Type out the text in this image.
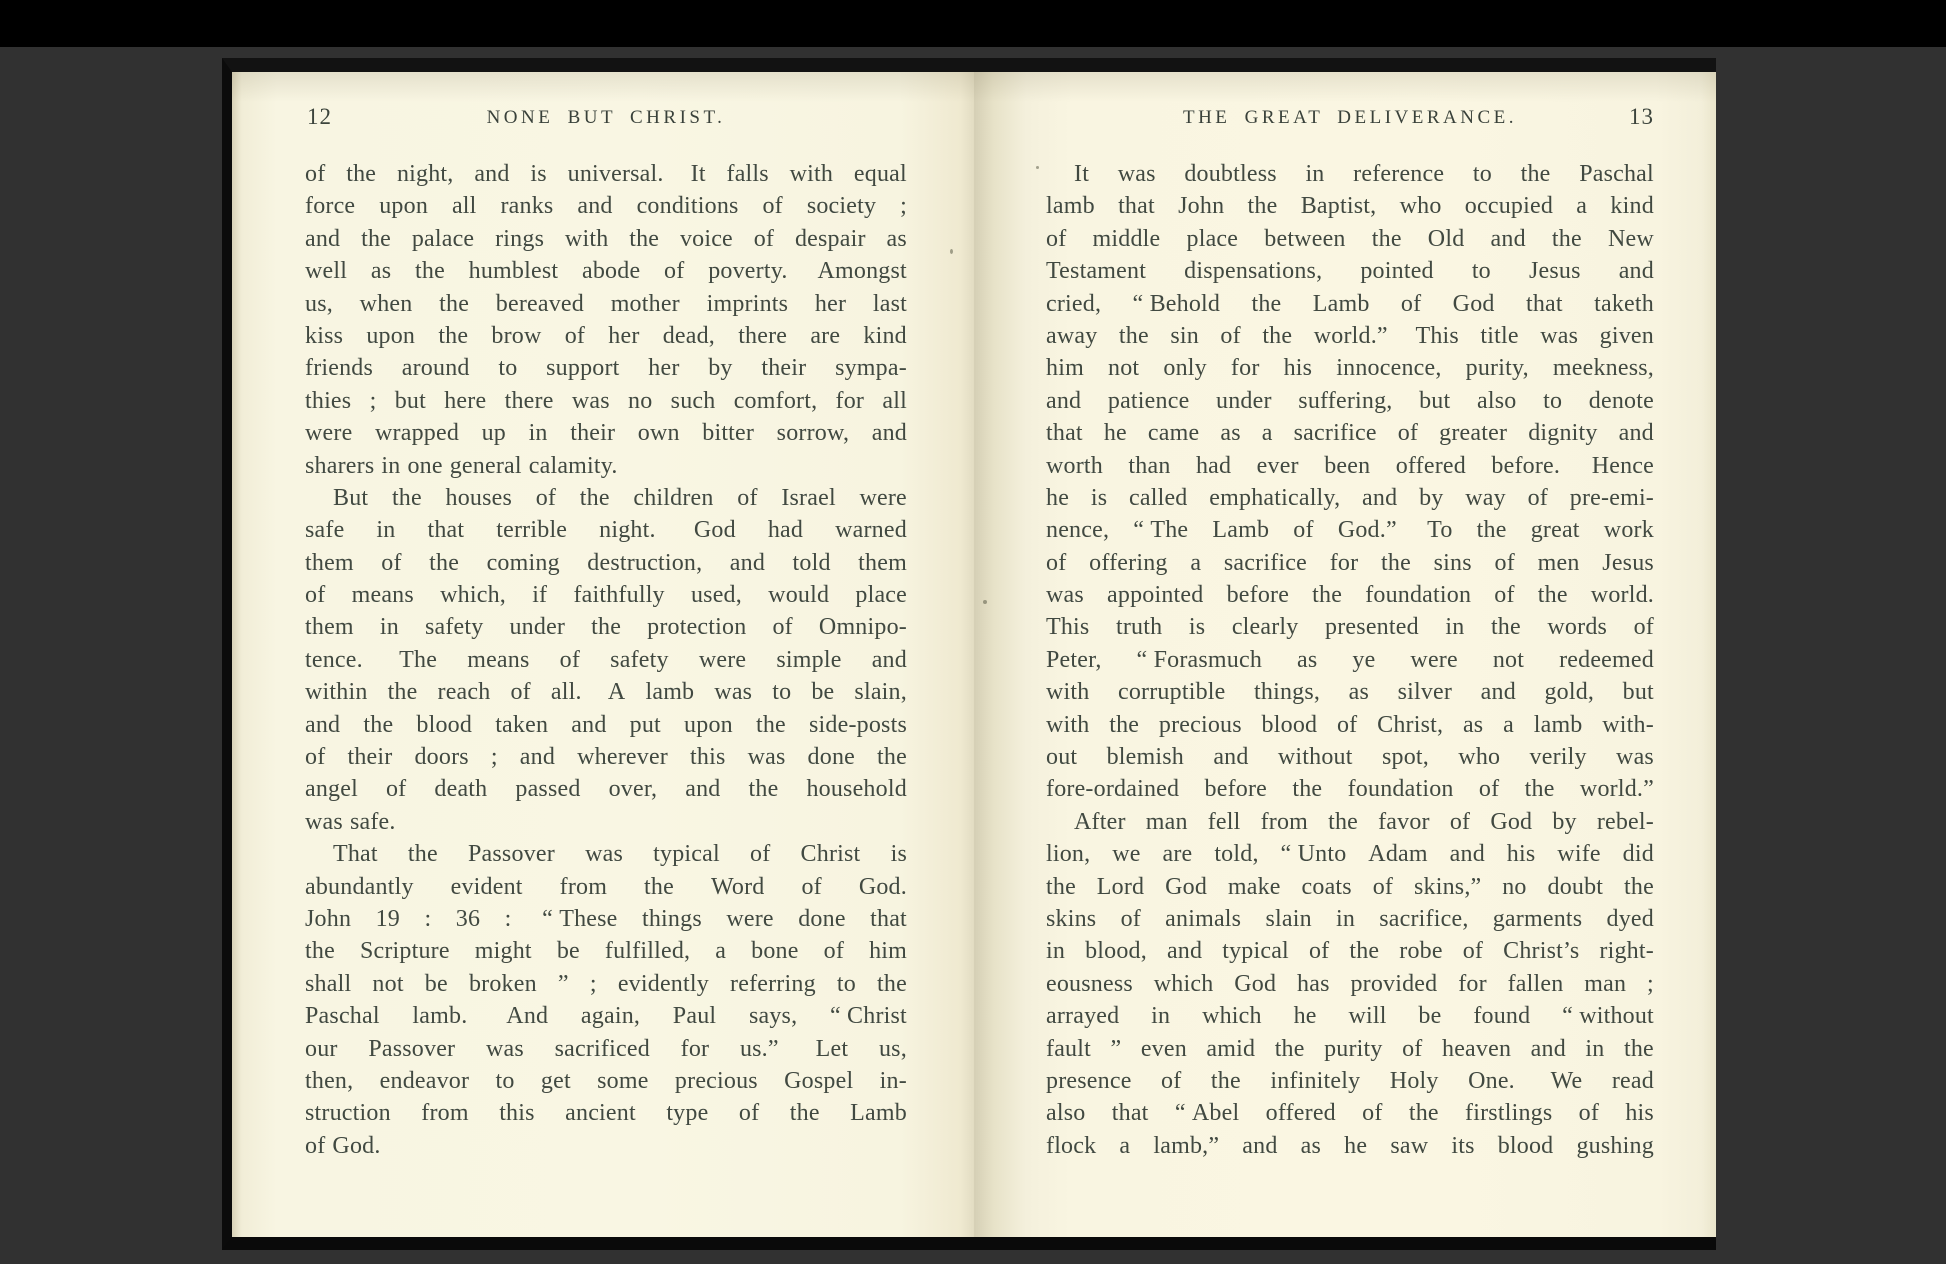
12	NONE BUT CHRIST.
of the night, and is universal. It falls with equal
force upon all ranks and conditions of society ;
and the palace rings with the voice of despair as
well as the humblest abode of poverty. Amongst
us, when the bereaved mother imprints her last
kiss upon the brow of her dead, there are kind
friends around to support her by their sympa-
thies ; but here there was no such comfort, for all
were wrapped up in their own bitter sorrow, and
sharers in one general calamity.
But the houses of the children of Israel were
safe in that terrible night. God had warned
them of the coming destruction, and told them
of means which, if faithfully used, would place
them in safety under the protection of Omnipo-
tence. The means of safety were simple and
within the reach of all. A lamb was to be slain,
and the blood taken and put upon the side-posts
of their doors ; and wherever this was done the
angel of death passed over, and the household
was safe.
That the Passover was typical of Christ is
abundantly evident from the Word of God.
John 19 : 36 : “ These things were done that
the Scripture might be fulfilled, a bone of him
shall not be broken ” ; evidently referring to the
Paschal lamb. And again, Paul says, “ Christ
our Passover was sacrificed for us.” Let us,
then, endeavor to get some precious Gospel in-
struction from this ancient type of the Lamb
of God.
THE GREAT DELIVERANCE.	13
It was doubtless in reference to the Paschal
lamb that John the Baptist, who occupied a kind
of middle place between the Old and the New
Testament dispensations, pointed to Jesus and
cried, “ Behold the Lamb of God that taketh
away the sin of the world.” This title was given
him not only for his innocence, purity, meekness,
and patience under suffering, but also to denote
that he came as a sacrifice of greater dignity and
worth than had ever been offered before. Hence
he is called emphatically, and by way of pre-emi-
nence, “ The Lamb of God.” To the great work
of offering a sacrifice for the sins of men Jesus
was appointed before the foundation of the world.
This truth is clearly presented in the words of
Peter, “ Forasmuch as ye were not redeemed
with corruptible things, as silver and gold, but
with the precious blood of Christ, as a lamb with-
out blemish and without spot, who verily was
fore-ordained before the foundation of the world.”
After man fell from the favor of God by rebel-
lion, we are told, “ Unto Adam and his wife did
the Lord God make coats of skins,” no doubt the
skins of animals slain in sacrifice, garments dyed
in blood, and typical of the robe of Christ’s right-
eousness which God has provided for fallen man ;
arrayed in which he will be found “ without
fault ” even amid the purity of heaven and in the
presence of the infinitely Holy One. We read
also that “ Abel offered of the firstlings of his
flock a lamb,” and as he saw its blood gushing
